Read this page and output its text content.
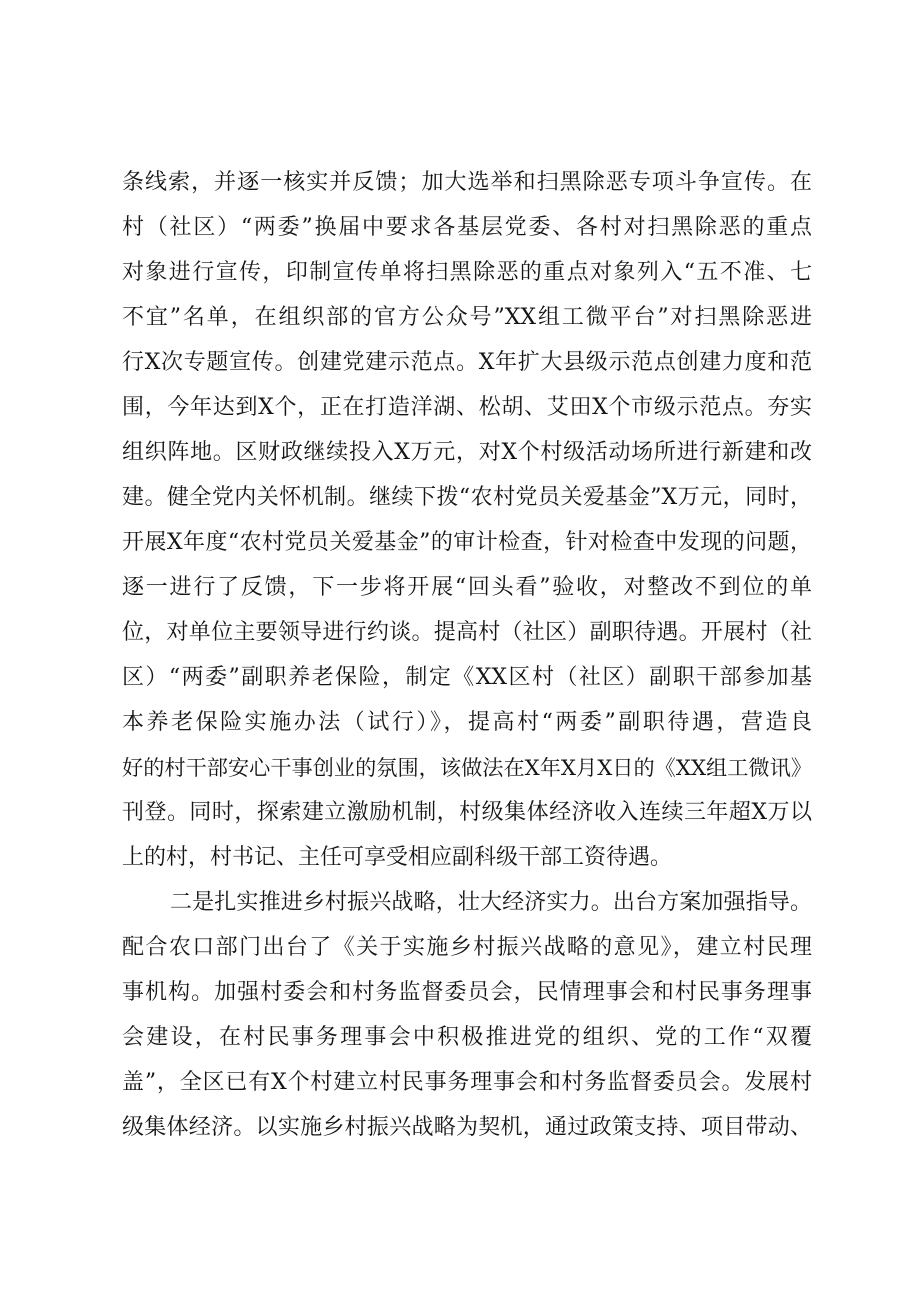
条线索，并逐一核实并反馈；加大选举和扫黑除恶专项斗争宣传。在
村（社区）“两委”换届中要求各基层党委、各村对扫黑除恶的重点
对象进行宣传，印制宣传单将扫黑除恶的重点对象列入“五不准、七
不宜”名单，在组织部的官方公众号”XX组工微平台”对扫黑除恶进
行X次专题宣传。创建党建示范点。X年扩大县级示范点创建力度和范
围，今年达到X个，正在打造洋湖、松胡、艾田X个市级示范点。夯实
组织阵地。区财政继续投入X万元，对X个村级活动场所进行新建和改
建。健全党内关怀机制。继续下拨“农村党员关爱基金”X万元，同时，
开展X年度“农村党员关爱基金”的审计检查，针对检查中发现的问题，
逐一进行了反馈，下一步将开展“回头看”验收，对整改不到位的单
位，对单位主要领导进行约谈。提高村（社区）副职待遇。开展村（社
区）“两委”副职养老保险，制定《XX区村（社区）副职干部参加基
本养老保险实施办法（试行）》，提高村“两委”副职待遇，营造良
好的村干部安心干事创业的氛围，该做法在X年X月X日的《XX组工微讯》
刊登。同时，探索建立激励机制，村级集体经济收入连续三年超X万以
上的村，村书记、主任可享受相应副科级干部工资待遇。
二是扎实推进乡村振兴战略，壮大经济实力。出台方案加强指导。
配合农口部门出台了《关于实施乡村振兴战略的意见》，建立村民理
事机构。加强村委会和村务监督委员会，民情理事会和村民事务理事
会建设，在村民事务理事会中积极推进党的组织、党的工作“双覆
盖”，全区已有X个村建立村民事务理事会和村务监督委员会。发展村
级集体经济。以实施乡村振兴战略为契机，通过政策支持、项目带动、
